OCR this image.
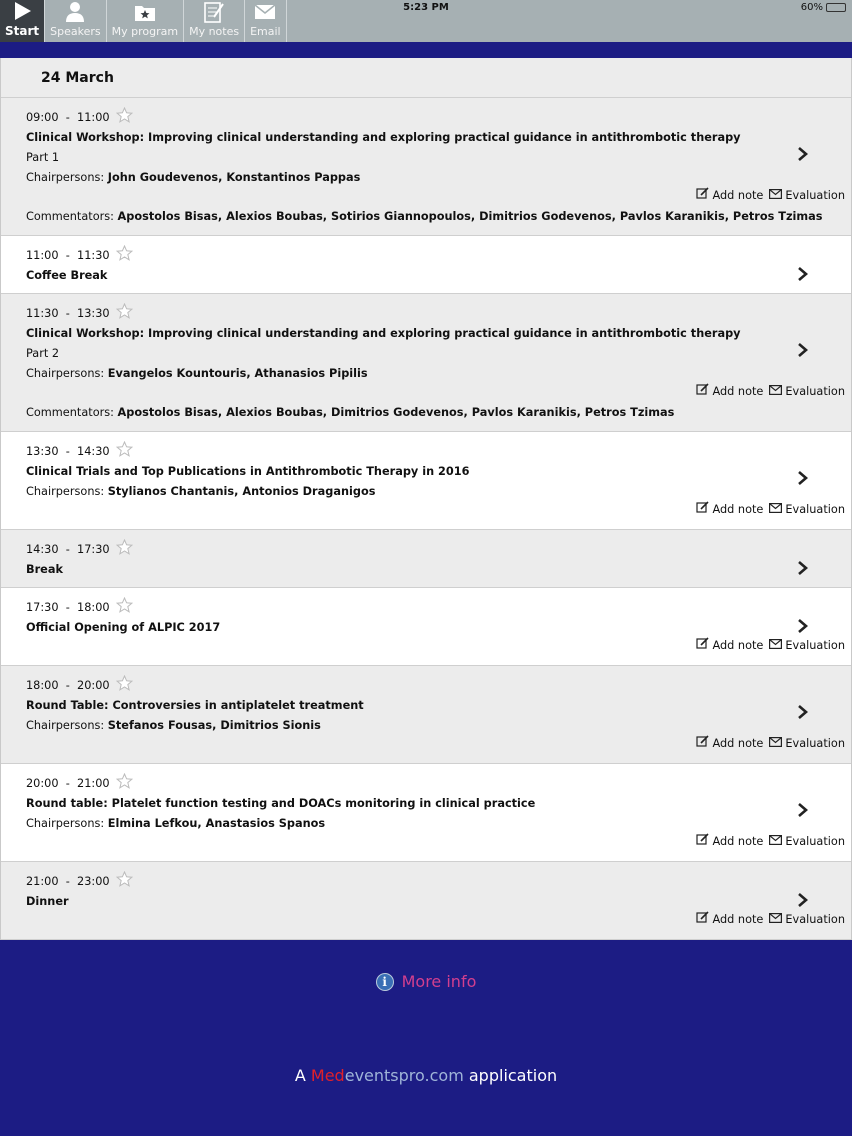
5:23 PM	60%
Start Speakers My program My notes Email
24 March
09:00 - 11:00
Clinical Workshop: Improving clinical understanding and exploring practical guidance in antithrombotic therapy
Part 1
Chairpersons: John Goudevenos, Konstantinos Pappas
Commentators: Apostolos Bisas, Alexios Boubas, Sotirios Giannopoulos, Dimitrios Godevenos, Pavlos Karanikis, Petros Tzimas
Add note Evaluation
11:00 - 11:30
Coffee Break
11:30 - 13:30
Clinical Workshop: Improving clinical understanding and exploring practical guidance in antithrombotic therapy
Part 2
Chairpersons: Evangelos Kountouris, Athanasios Pipilis
Commentators: Apostolos Bisas, Alexios Boubas, Dimitrios Godevenos, Pavlos Karanikis, Petros Tzimas
Add note Evaluation
13:30 - 14:30
Clinical Trials and Top Publications in Antithrombotic Therapy in 2016
Chairpersons: Stylianos Chantanis, Antonios Draganigos
Add note Evaluation
14:30 - 17:30
Break
17:30 - 18:00
Official Opening of ALPIC 2017
Add note Evaluation
18:00 - 20:00
Round Table: Controversies in antiplatelet treatment
Chairpersons: Stefanos Fousas, Dimitrios Sionis
Add note Evaluation
20:00 - 21:00
Round table: Platelet function testing and DOACs monitoring in clinical practice
Chairpersons: Elmina Lefkou, Anastasios Spanos
Add note Evaluation
21:00 - 23:00
Dinner
Add note Evaluation
i More info
A Medeventspro.com application
